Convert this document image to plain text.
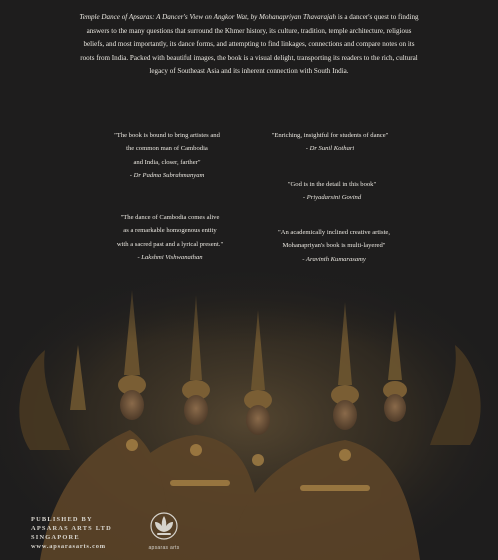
Temple Dance of Apsaras: A Dancer's View on Angkor Wat, by Mohanapriyan Thavarajah is a dancer's quest to finding answers to the many questions that surround the Khmer history, its culture, tradition, temple architecture, religious beliefs, and most importantly, its dance forms, and attempting to find linkages, connections and compare notes on its roots from India. Packed with beautiful images, the book is a visual delight, transporting its readers to the rich, cultural legacy of Southeast Asia and its inherent connection with South India.
"The book is bound to bring artistes and
the common man of Cambodia
and India, closer, farther"
- Dr Padma Subrahmanyam
"Enriching, insightful for students of dance"
- Dr Sunil Kothari
"God is in the detail in this book"
- Priyadarsini Govind
"The dance of Cambodia comes alive
as a remarkable homogenous entity
with a sacred past and a lyrical present."
- Lakshmi Vishwanathan
"An academically inclined creative artiste,
Mohanapriyan's book is multi-layered"
- Aravinth Kumarasamy
PUBLISHED BY
APSARAS ARTS LTD
SINGAPORE
www.apsarasarts.com	apsaras arts
